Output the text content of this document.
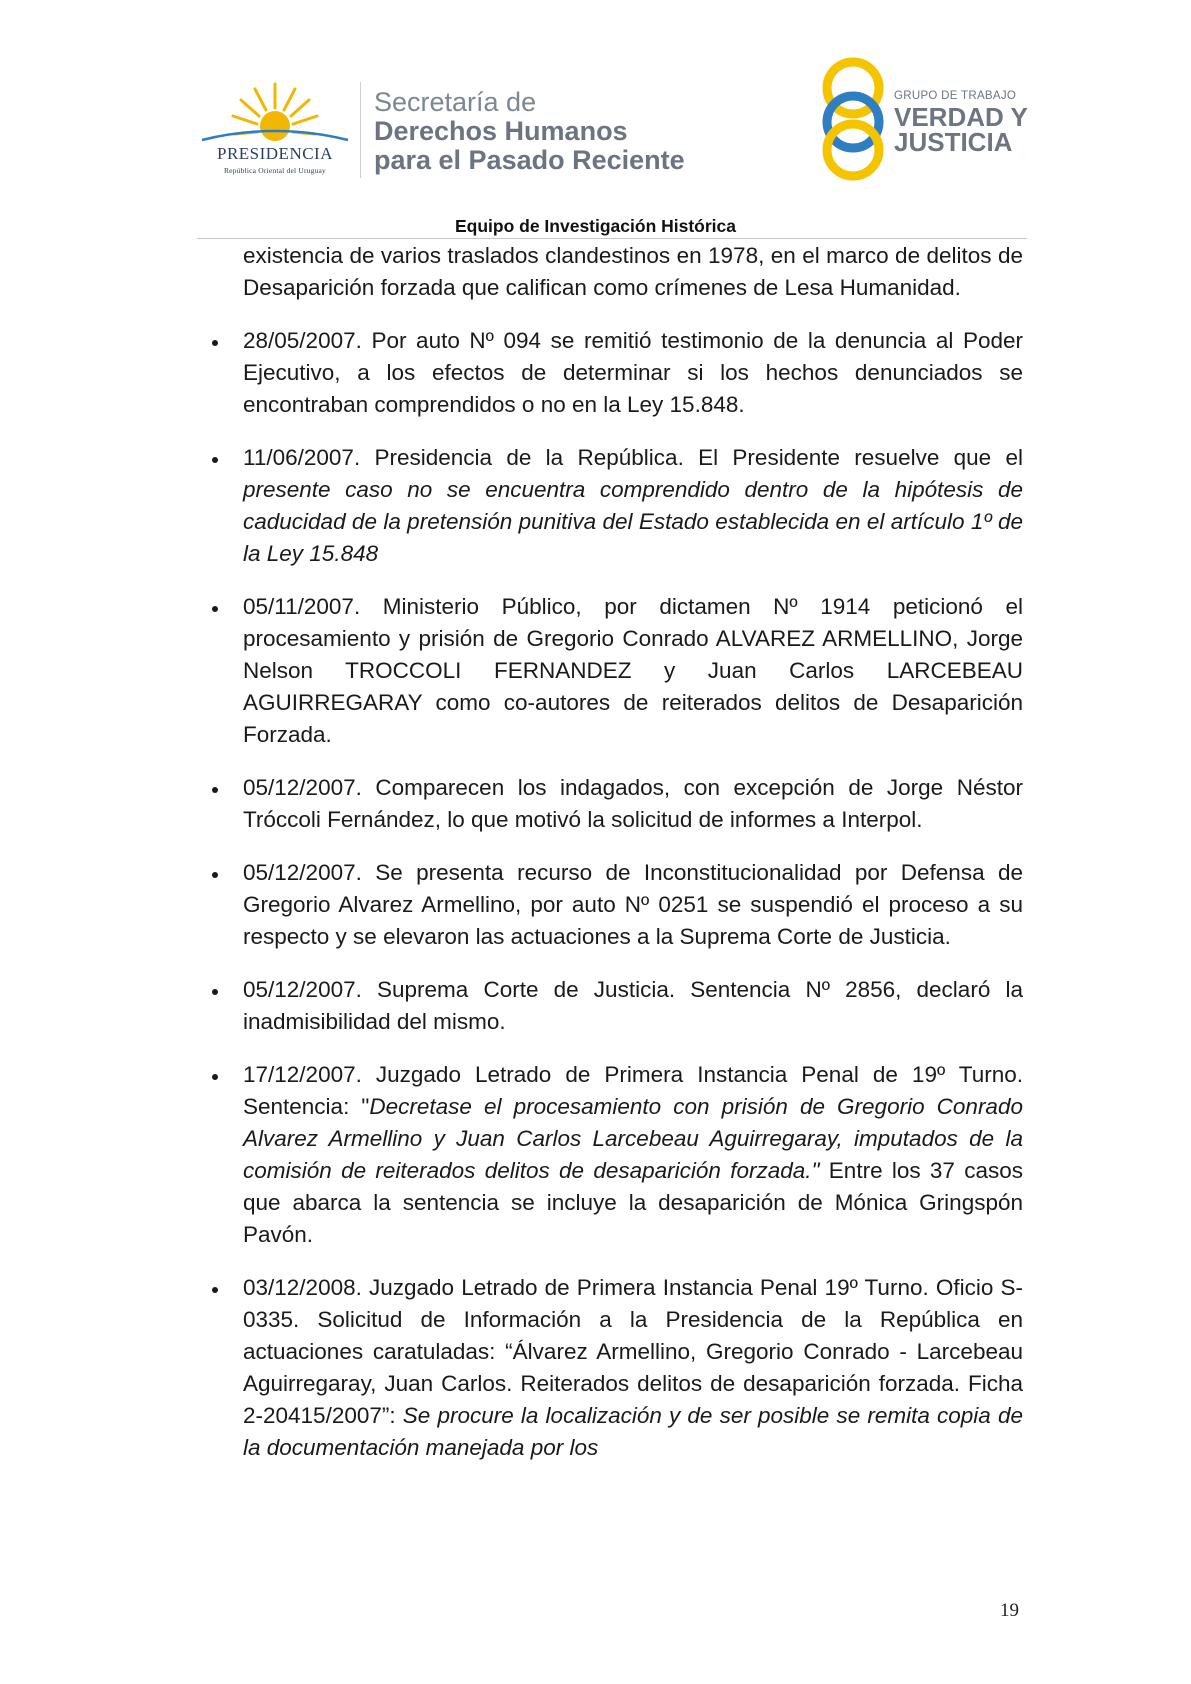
PRESIDENCIA
República Oriental del Uruguay
Secretaría de
Derechos Humanos
para el Pasado Reciente
GRUPO DE TRABAJO
VERDAD Y
JUSTICIA
Equipo de Investigación Histórica

existencia de varios traslados clandestinos en 1978, en el marco de delitos de Desaparición forzada que califican como crímenes de Lesa Humanidad.

28/05/2007. Por auto Nº 094 se remitió testimonio de la denuncia al Poder Ejecutivo, a los efectos de determinar si los hechos denunciados se encontraban comprendidos o no en la Ley 15.848.

11/06/2007. Presidencia de la República. El Presidente resuelve que el presente caso no se encuentra comprendido dentro de la hipótesis de caducidad de la pretensión punitiva del Estado establecida en el artículo 1º de la Ley 15.848

05/11/2007. Ministerio Público, por dictamen Nº 1914 peticionó el procesamiento y prisión de Gregorio Conrado ALVAREZ ARMELLINO, Jorge Nelson TROCCOLI FERNANDEZ y Juan Carlos LARCEBEAU AGUIRREGARAY como co-autores de reiterados delitos de Desaparición Forzada.

05/12/2007. Comparecen los indagados, con excepción de Jorge Néstor Tróccoli Fernández, lo que motivó la solicitud de informes a Interpol.

05/12/2007. Se presenta recurso de Inconstitucionalidad por Defensa de Gregorio Alvarez Armellino, por auto Nº 0251 se suspendió el proceso a su respecto y se elevaron las actuaciones a la Suprema Corte de Justicia.

05/12/2007. Suprema Corte de Justicia. Sentencia Nº 2856, declaró la inadmisibilidad del mismo.

17/12/2007. Juzgado Letrado de Primera Instancia Penal de 19º Turno. Sentencia: "Decretase el procesamiento con prisión de Gregorio Conrado Alvarez Armellino y Juan Carlos Larcebeau Aguirregaray, imputados de la comisión de reiterados delitos de desaparición forzada." Entre los 37 casos que abarca la sentencia se incluye la desaparición de Mónica Gringspón Pavón.

03/12/2008. Juzgado Letrado de Primera Instancia Penal 19º Turno. Oficio S-0335. Solicitud de Información a la Presidencia de la República en actuaciones caratuladas: “Álvarez Armellino, Gregorio Conrado - Larcebeau Aguirregaray, Juan Carlos. Reiterados delitos de desaparición forzada. Ficha 2-20415/2007”: Se procure la localización y de ser posible se remita copia de la documentación manejada por los

19
